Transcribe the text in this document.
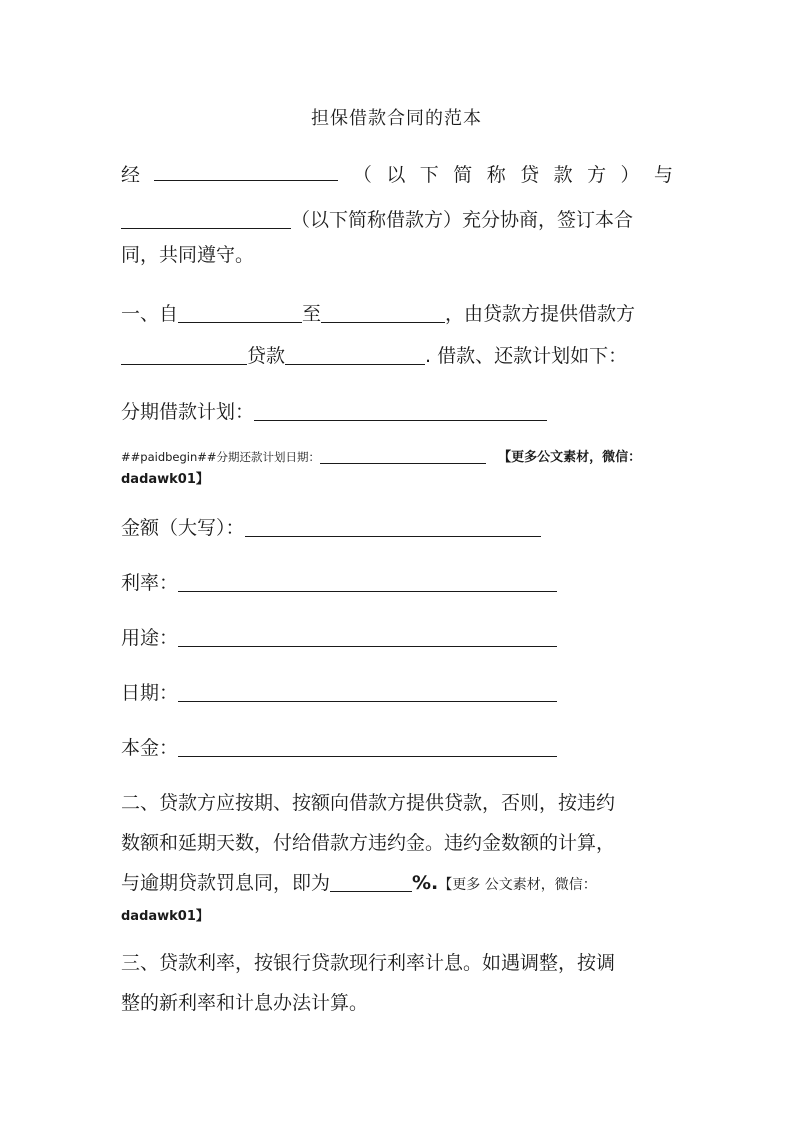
担保借款合同的范本
经	（ 以 下 简 称 贷 款 方 ） 与
（以下简称借款方）充分协商，签订本合
同，共同遵守。
一、自	至	，由贷款方提供借款方
贷款	. 借款、还款计划如下：
分期借款计划：
##paidbegin##分期还款计划日期：	【更多公文素材，微信：
dadawk01】
金额（大写）：
利率：
用途：
日期：
本金：
二、贷款方应按期、按额向借款方提供贷款，否则，按违约
数额和延期天数，付给借款方违约金。违约金数额的计算，
与逾期贷款罚息同，即为	%.【更多 公文素材，微信：
dadawk01】
三、贷款利率，按银行贷款现行利率计息。如遇调整，按调
整的新利率和计息办法计算。
